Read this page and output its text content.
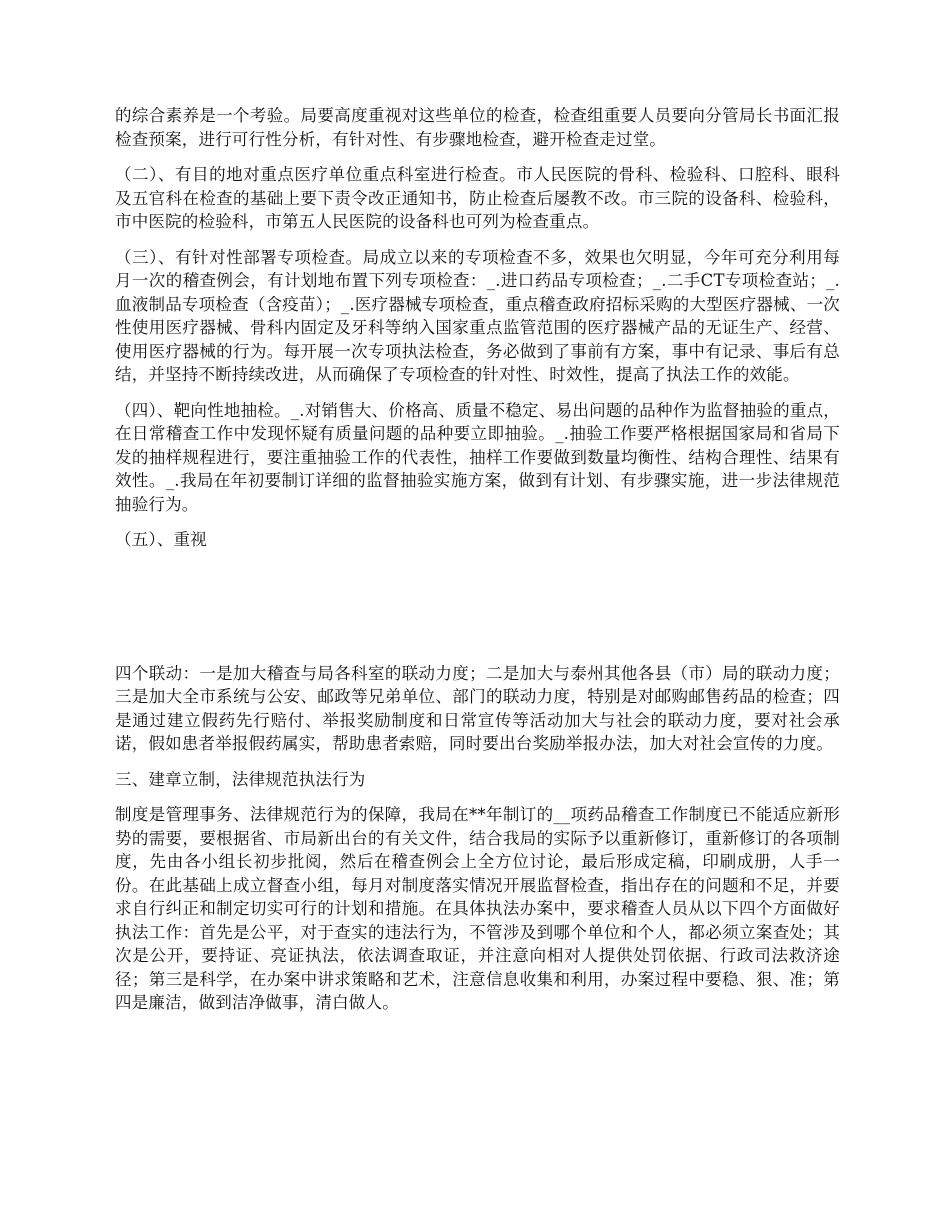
的综合素养是一个考验。局要高度重视对这些单位的检查，检查组重要人员要向分管局长书面汇报检查预案，进行可行性分析，有针对性、有步骤地检查，避开检查走过堂。

（二）、有目的地对重点医疗单位重点科室进行检查。市人民医院的骨科、检验科、口腔科、眼科及五官科在检查的基础上要下责令改正通知书，防止检查后屡教不改。市三院的设备科、检验科，市中医院的检验科，市第五人民医院的设备科也可列为检查重点。

（三）、有针对性部署专项检查。局成立以来的专项检查不多，效果也欠明显，今年可充分利用每月一次的稽查例会，有计划地布置下列专项检查：_.进口药品专项检查；_.二手CT专项检查站；_.血液制品专项检查（含疫苗）；_.医疗器械专项检查，重点稽查政府招标采购的大型医疗器械、一次性使用医疗器械、骨科内固定及牙科等纳入国家重点监管范围的医疗器械产品的无证生产、经营、使用医疗器械的行为。每开展一次专项执法检查，务必做到了事前有方案，事中有记录、事后有总结，并坚持不断持续改进，从而确保了专项检查的针对性、时效性，提高了执法工作的效能。

（四）、靶向性地抽检。_.对销售大、价格高、质量不稳定、易出问题的品种作为监督抽验的重点，在日常稽查工作中发现怀疑有质量问题的品种要立即抽验。_.抽验工作要严格根据国家局和省局下发的抽样规程进行，要注重抽验工作的代表性，抽样工作要做到数量均衡性、结构合理性、结果有效性。_.我局在年初要制订详细的监督抽验实施方案，做到有计划、有步骤实施，进一步法律规范抽验行为。

（五）、重视

四个联动：一是加大稽查与局各科室的联动力度；二是加大与泰州其他各县（市）局的联动力度；三是加大全市系统与公安、邮政等兄弟单位、部门的联动力度，特别是对邮购邮售药品的检查；四是通过建立假药先行赔付、举报奖励制度和日常宣传等活动加大与社会的联动力度，要对社会承诺，假如患者举报假药属实，帮助患者索赔，同时要出台奖励举报办法，加大对社会宣传的力度。

三、建章立制，法律规范执法行为

制度是管理事务、法律规范行为的保障，我局在**年制订的__项药品稽查工作制度已不能适应新形势的需要，要根据省、市局新出台的有关文件，结合我局的实际予以重新修订，重新修订的各项制度，先由各小组长初步批阅，然后在稽查例会上全方位讨论，最后形成定稿，印刷成册，人手一份。在此基础上成立督查小组，每月对制度落实情况开展监督检查，指出存在的问题和不足，并要求自行纠正和制定切实可行的计划和措施。在具体执法办案中，要求稽查人员从以下四个方面做好执法工作：首先是公平，对于查实的违法行为，不管涉及到哪个单位和个人，都必须立案查处；其次是公开，要持证、亮证执法，依法调查取证，并注意向相对人提供处罚依据、行政司法救济途径；第三是科学，在办案中讲求策略和艺术，注意信息收集和利用，办案过程中要稳、狠、准；第四是廉洁，做到洁净做事，清白做人。
